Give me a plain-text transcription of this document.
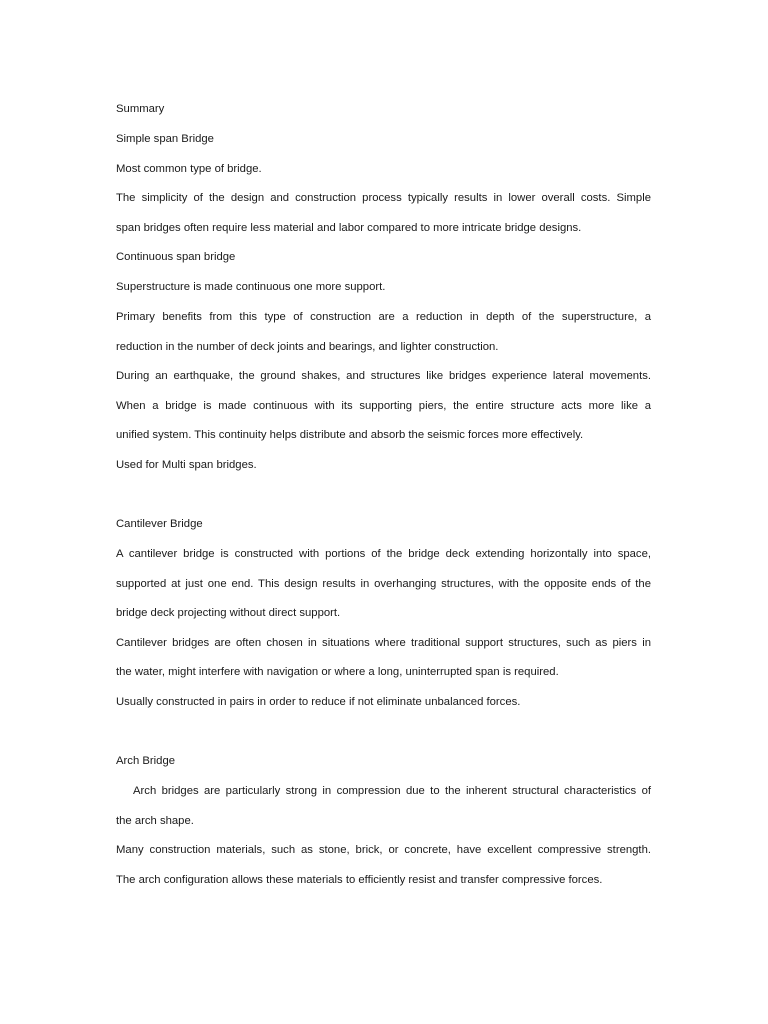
Summary
Simple span Bridge
Most common type of bridge.
The simplicity of the design and construction process typically results in lower overall costs. Simple
span bridges often require less material and labor compared to more intricate bridge designs.
Continuous span bridge
Superstructure is made continuous one more support.
Primary benefits from this type of construction are a reduction in depth of the superstructure, a
reduction in the number of deck joints and bearings, and lighter construction.
During an earthquake, the ground shakes, and structures like bridges experience lateral movements.
When a bridge is made continuous with its supporting piers, the entire structure acts more like a
unified system. This continuity helps distribute and absorb the seismic forces more effectively.
Used for Multi span bridges.
Cantilever Bridge
A cantilever bridge is constructed with portions of the bridge deck extending horizontally into space,
supported at just one end. This design results in overhanging structures, with the opposite ends of the
bridge deck projecting without direct support.
Cantilever bridges are often chosen in situations where traditional support structures, such as piers in
the water, might interfere with navigation or where a long, uninterrupted span is required.
Usually constructed in pairs in order to reduce if not eliminate unbalanced forces.
Arch Bridge
Arch bridges are particularly strong in compression due to the inherent structural characteristics of
the arch shape.
Many construction materials, such as stone, brick, or concrete, have excellent compressive strength.
The arch configuration allows these materials to efficiently resist and transfer compressive forces.
